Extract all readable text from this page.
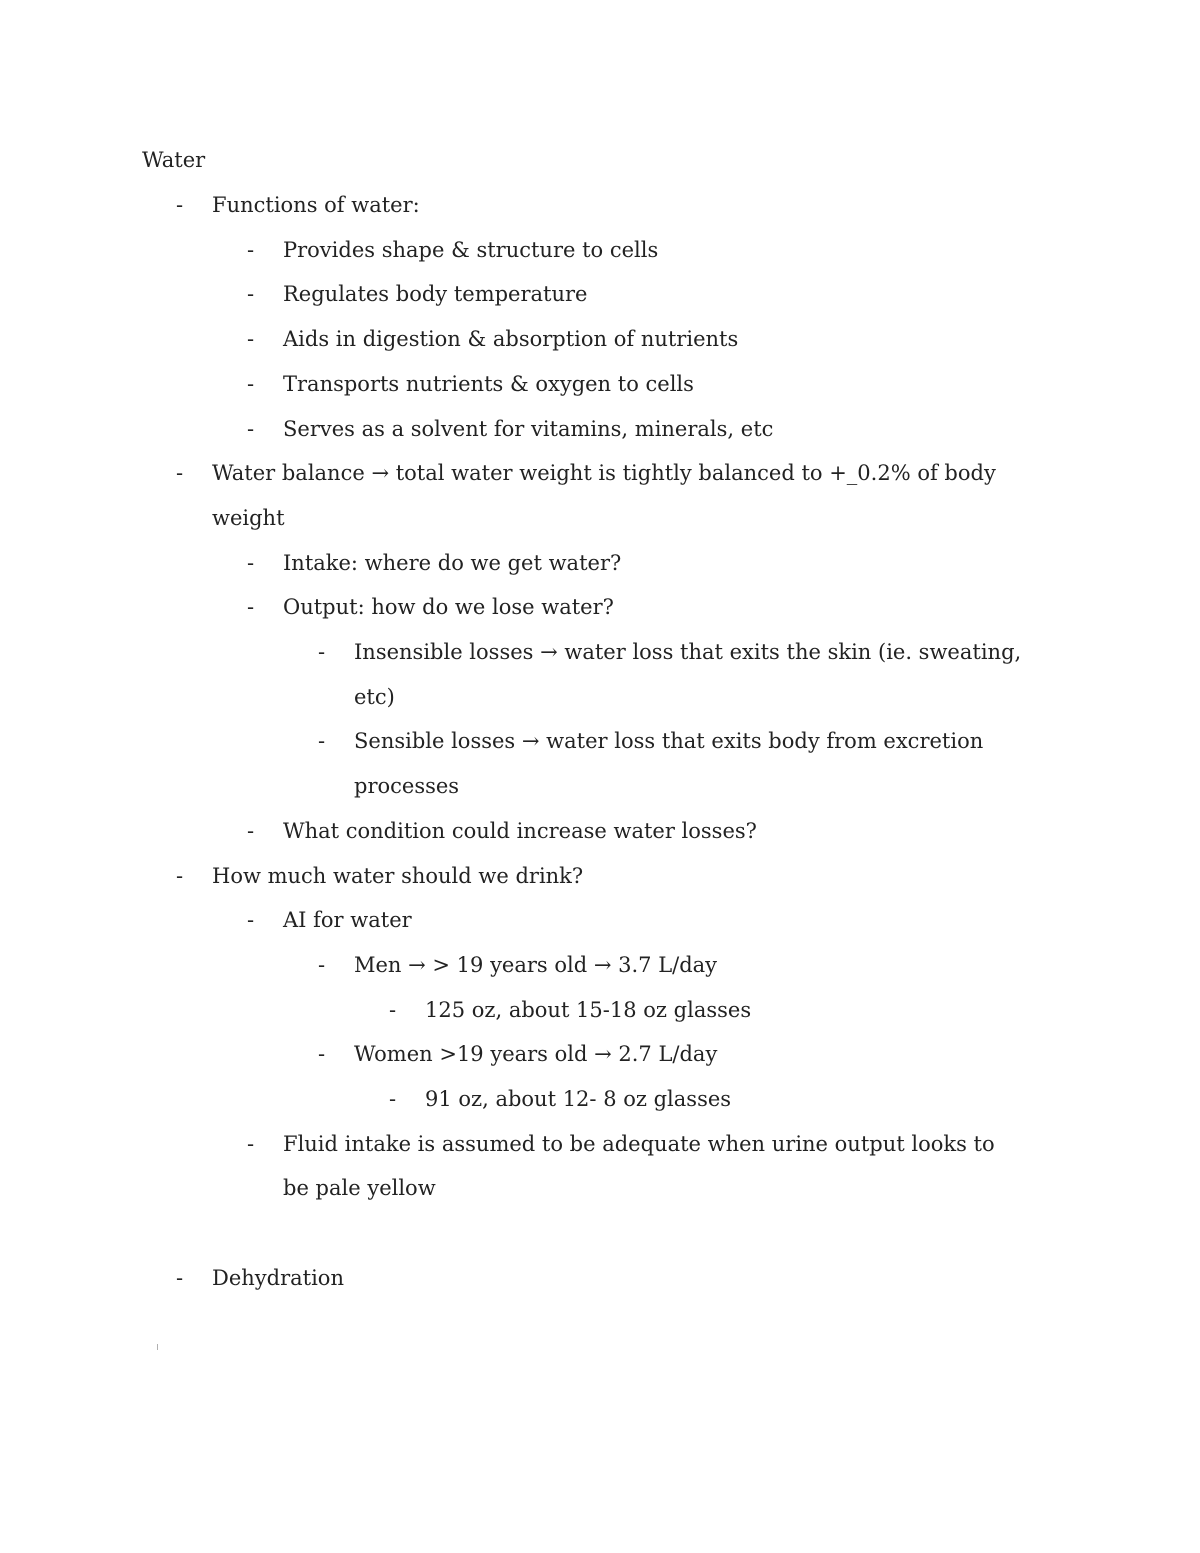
Water
- Functions of water:
- Provides shape & structure to cells
- Regulates body temperature
- Aids in digestion & absorption of nutrients
- Transports nutrients & oxygen to cells
- Serves as a solvent for vitamins, minerals, etc
- Water balance → total water weight is tightly balanced to +_0.2% of body
weight
- Intake: where do we get water?
- Output: how do we lose water?
- Insensible losses → water loss that exits the skin (ie. sweating,
etc)
- Sensible losses → water loss that exits body from excretion
processes
- What condition could increase water losses?
- How much water should we drink?
- AI for water
- Men → > 19 years old → 3.7 L/day
- 125 oz, about 15-18 oz glasses
- Women >19 years old → 2.7 L/day
- 91 oz, about 12- 8 oz glasses
- Fluid intake is assumed to be adequate when urine output looks to
be pale yellow
- Dehydration
